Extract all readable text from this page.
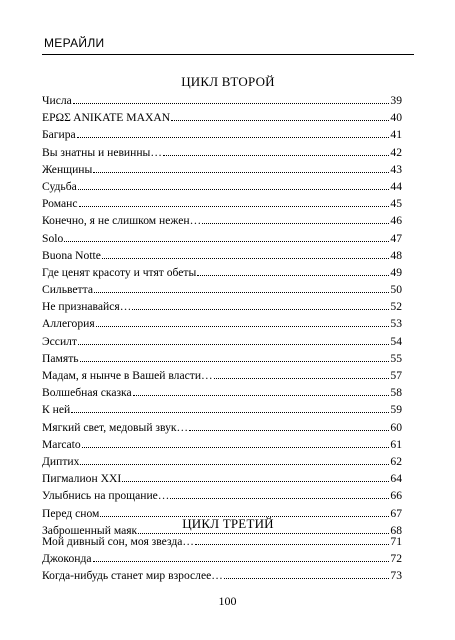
МЕРАЙЛИ
ЦИКЛ ВТОРОЙ
Числа	39
ΕΡΩΣ ΑΝΙΚΑΤΕ ΜΑΧΑΝ	40
Багира	41
Вы знатны и невинны…	42
Женщины	43
Судьба	44
Романс	45
Конечно, я не слишком нежен…	46
Solo	47
Buona Notte	48
Где ценят красоту и чтят обеты	49
Сильветта	50
Не признавайся…	52
Аллегория	53
Эссилт	54
Память	55
Мадам, я нынче в Вашей власти…	57
Волшебная сказка	58
К ней	59
Мягкий свет, медовый звук…	60
Marcato	61
Диптих	62
Пигмалион XXI	64
Улыбнись на прощание…	66
Перед сном	67
Заброшенный маяк	68
ЦИКЛ ТРЕТИЙ
Мой дивный сон, моя звезда…	71
Джоконда	72
Когда-нибудь станет мир взрослее…	73
100
